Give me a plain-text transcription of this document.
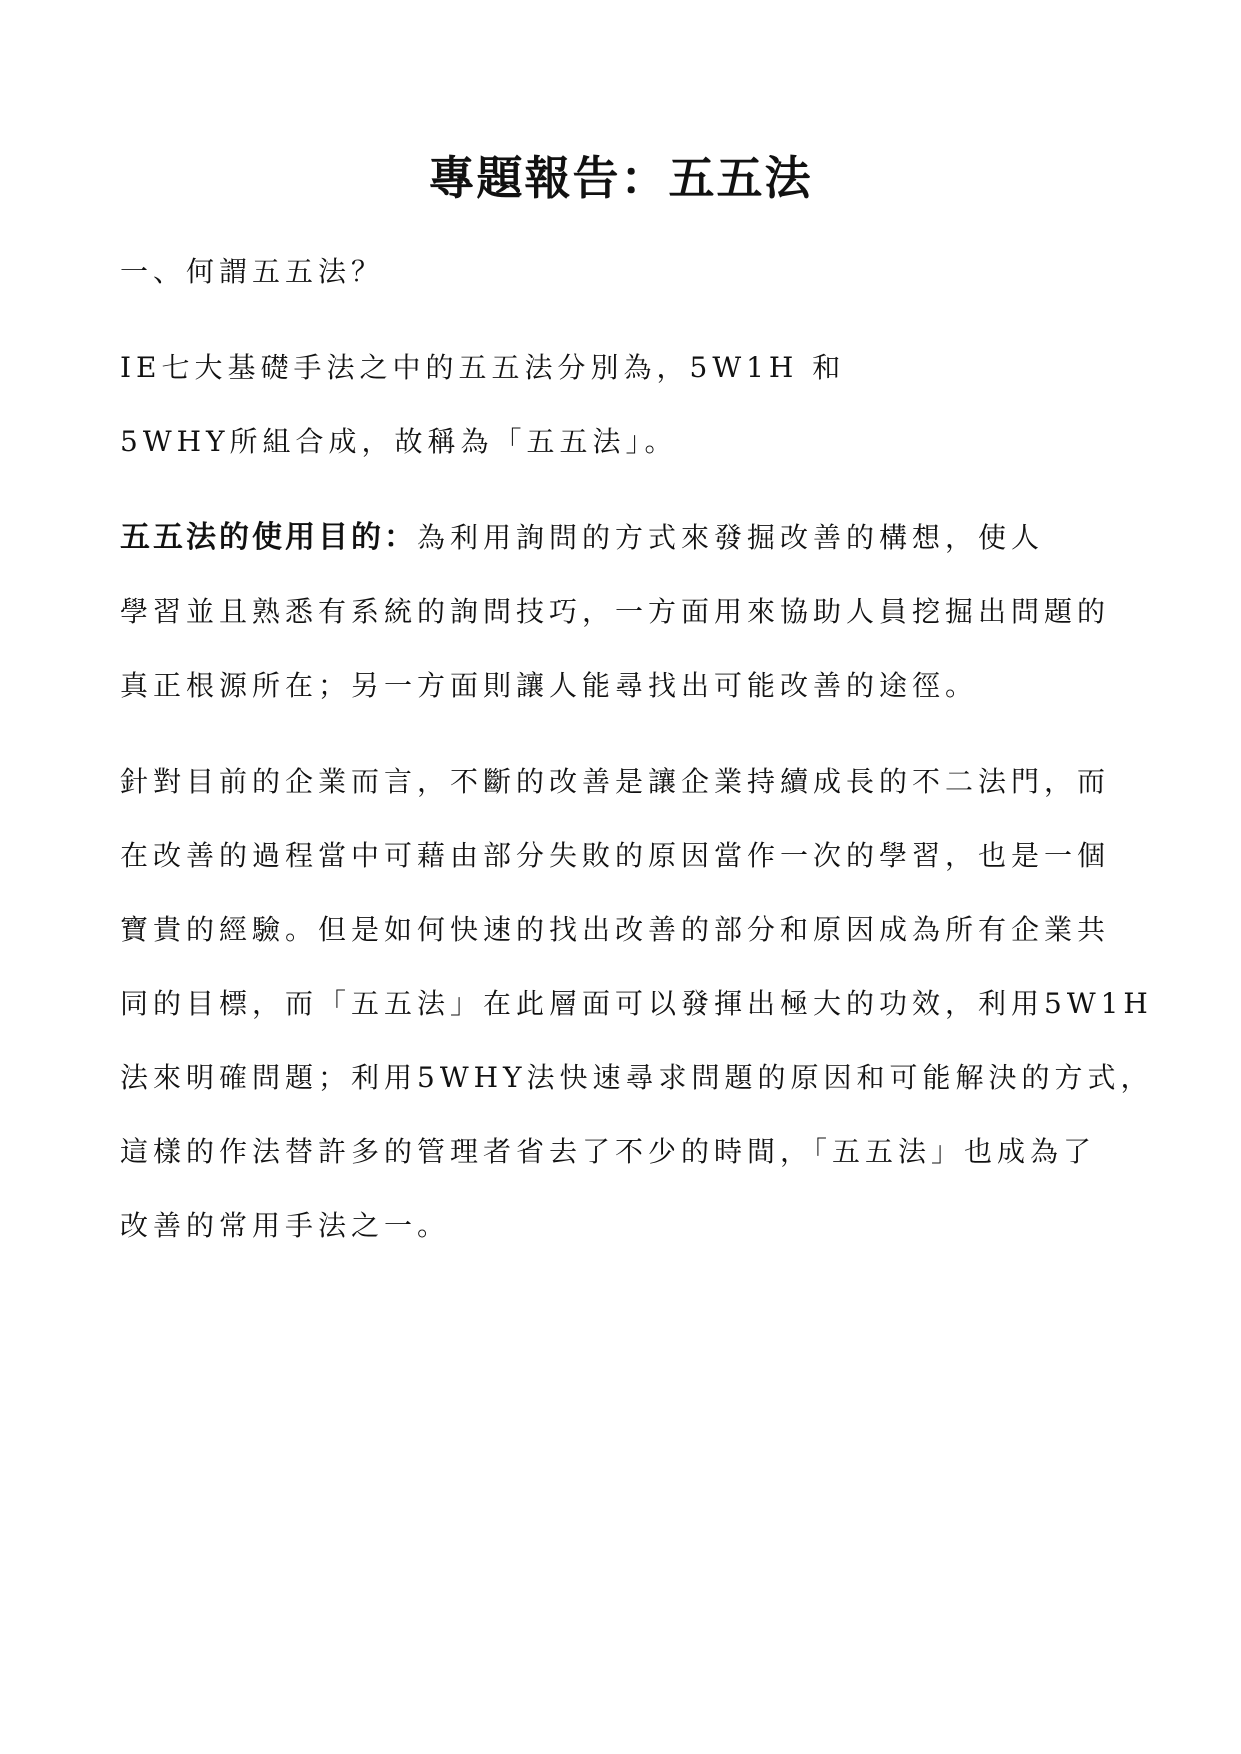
專題報告：五五法
一、何謂五五法？
IE七大基礎手法之中的五五法分別為，5W1H 和
5WHY所組合成，故稱為「五五法」。
五五法的使用目的：為利用詢問的方式來發掘改善的構想，使人
學習並且熟悉有系統的詢問技巧，一方面用來協助人員挖掘出問題的
真正根源所在；另一方面則讓人能尋找出可能改善的途徑。
針對目前的企業而言，不斷的改善是讓企業持續成長的不二法門，而
在改善的過程當中可藉由部分失敗的原因當作一次的學習，也是一個
寶貴的經驗。但是如何快速的找出改善的部分和原因成為所有企業共
同的目標，而「五五法」在此層面可以發揮出極大的功效，利用5W1H
法來明確問題；利用5WHY法快速尋求問題的原因和可能解決的方式，
這樣的作法替許多的管理者省去了不少的時間，「五五法」也成為了
改善的常用手法之一。
